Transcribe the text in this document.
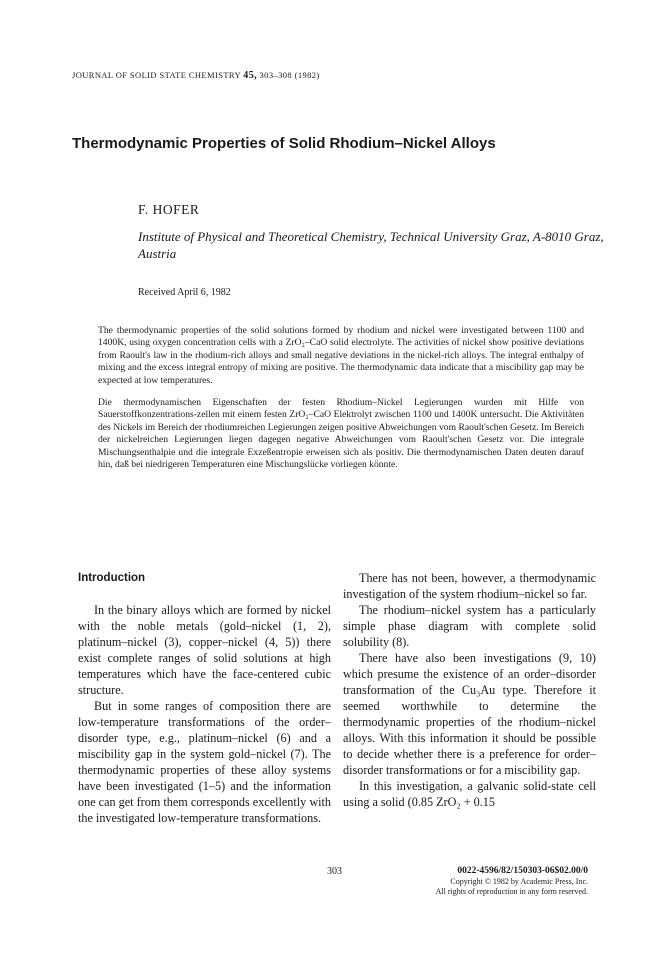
JOURNAL OF SOLID STATE CHEMISTRY 45, 303–308 (1982)
Thermodynamic Properties of Solid Rhodium–Nickel Alloys
F. HOFER
Institute of Physical and Theoretical Chemistry, Technical University Graz, A-8010 Graz, Austria
Received April 6, 1982
The thermodynamic properties of the solid solutions formed by rhodium and nickel were investigated between 1100 and 1400K, using oxygen concentration cells with a ZrO₂–CaO solid electrolyte. The activities of nickel show positive deviations from Raoult's law in the rhodium-rich alloys and small negative deviations in the nickel-rich alloys. The integral enthalpy of mixing and the excess integral entropy of mixing are positive. The thermodynamic data indicate that a miscibility gap may be expected at low temperatures.
Die thermodynamischen Eigenschaften der festen Rhodium–Nickel Legierungen wurden mit Hilfe von Sauerstoffkonzentrations-zellen mit einem festen ZrO₂–CaO Elektrolyt zwischen 1100 und 1400K untersucht. Die Aktivitäten des Nickels im Bereich der rhodiumreichen Legierungen zeigen positive Abweichungen vom Raoult'schen Gesetz. Im Bereich der nickelreichen Legierungen liegen dagegen negative Abweichungen vom Raoult'schen Gesetz vor. Die integrale Mischungsenthalpie und die integrale Exzeßentropie erweisen sich als positiv. Die thermodynamischen Daten deuten darauf hin, daß bei niedrigeren Temperaturen eine Mischungslücke vorliegen könnte.
Introduction

In the binary alloys which are formed by nickel with the noble metals (gold–nickel (1, 2), platinum–nickel (3), copper–nickel (4, 5)) there exist complete ranges of solid solutions at high temperatures which have the face-centered cubic structure.

But in some ranges of composition there are low-temperature transformations of the order–disorder type, e.g., platinum–nickel (6) and a miscibility gap in the system gold–nickel (7). The thermodynamic properties of these alloy systems have been investigated (1–5) and the information one can get from them corresponds excellently with the investigated low-temperature transformations.

There has not been, however, a thermodynamic investigation of the system rhodium–nickel so far.

The rhodium–nickel system has a particularly simple phase diagram with complete solid solubility (8).

There have also been investigations (9, 10) which presume the existence of an order–disorder transformation of the Cu₃Au type. Therefore it seemed worthwhile to determine the thermodynamic properties of the rhodium–nickel alloys. With this information it should be possible to decide whether there is a preference for order–disorder transformations or for a miscibility gap.

In this investigation, a galvanic solid-state cell using a solid (0.85 ZrO₂ + 0.15

303	0022-4596/82/150303-06$02.00/0
Copyright © 1982 by Academic Press, Inc.
All rights of reproduction in any form reserved.
